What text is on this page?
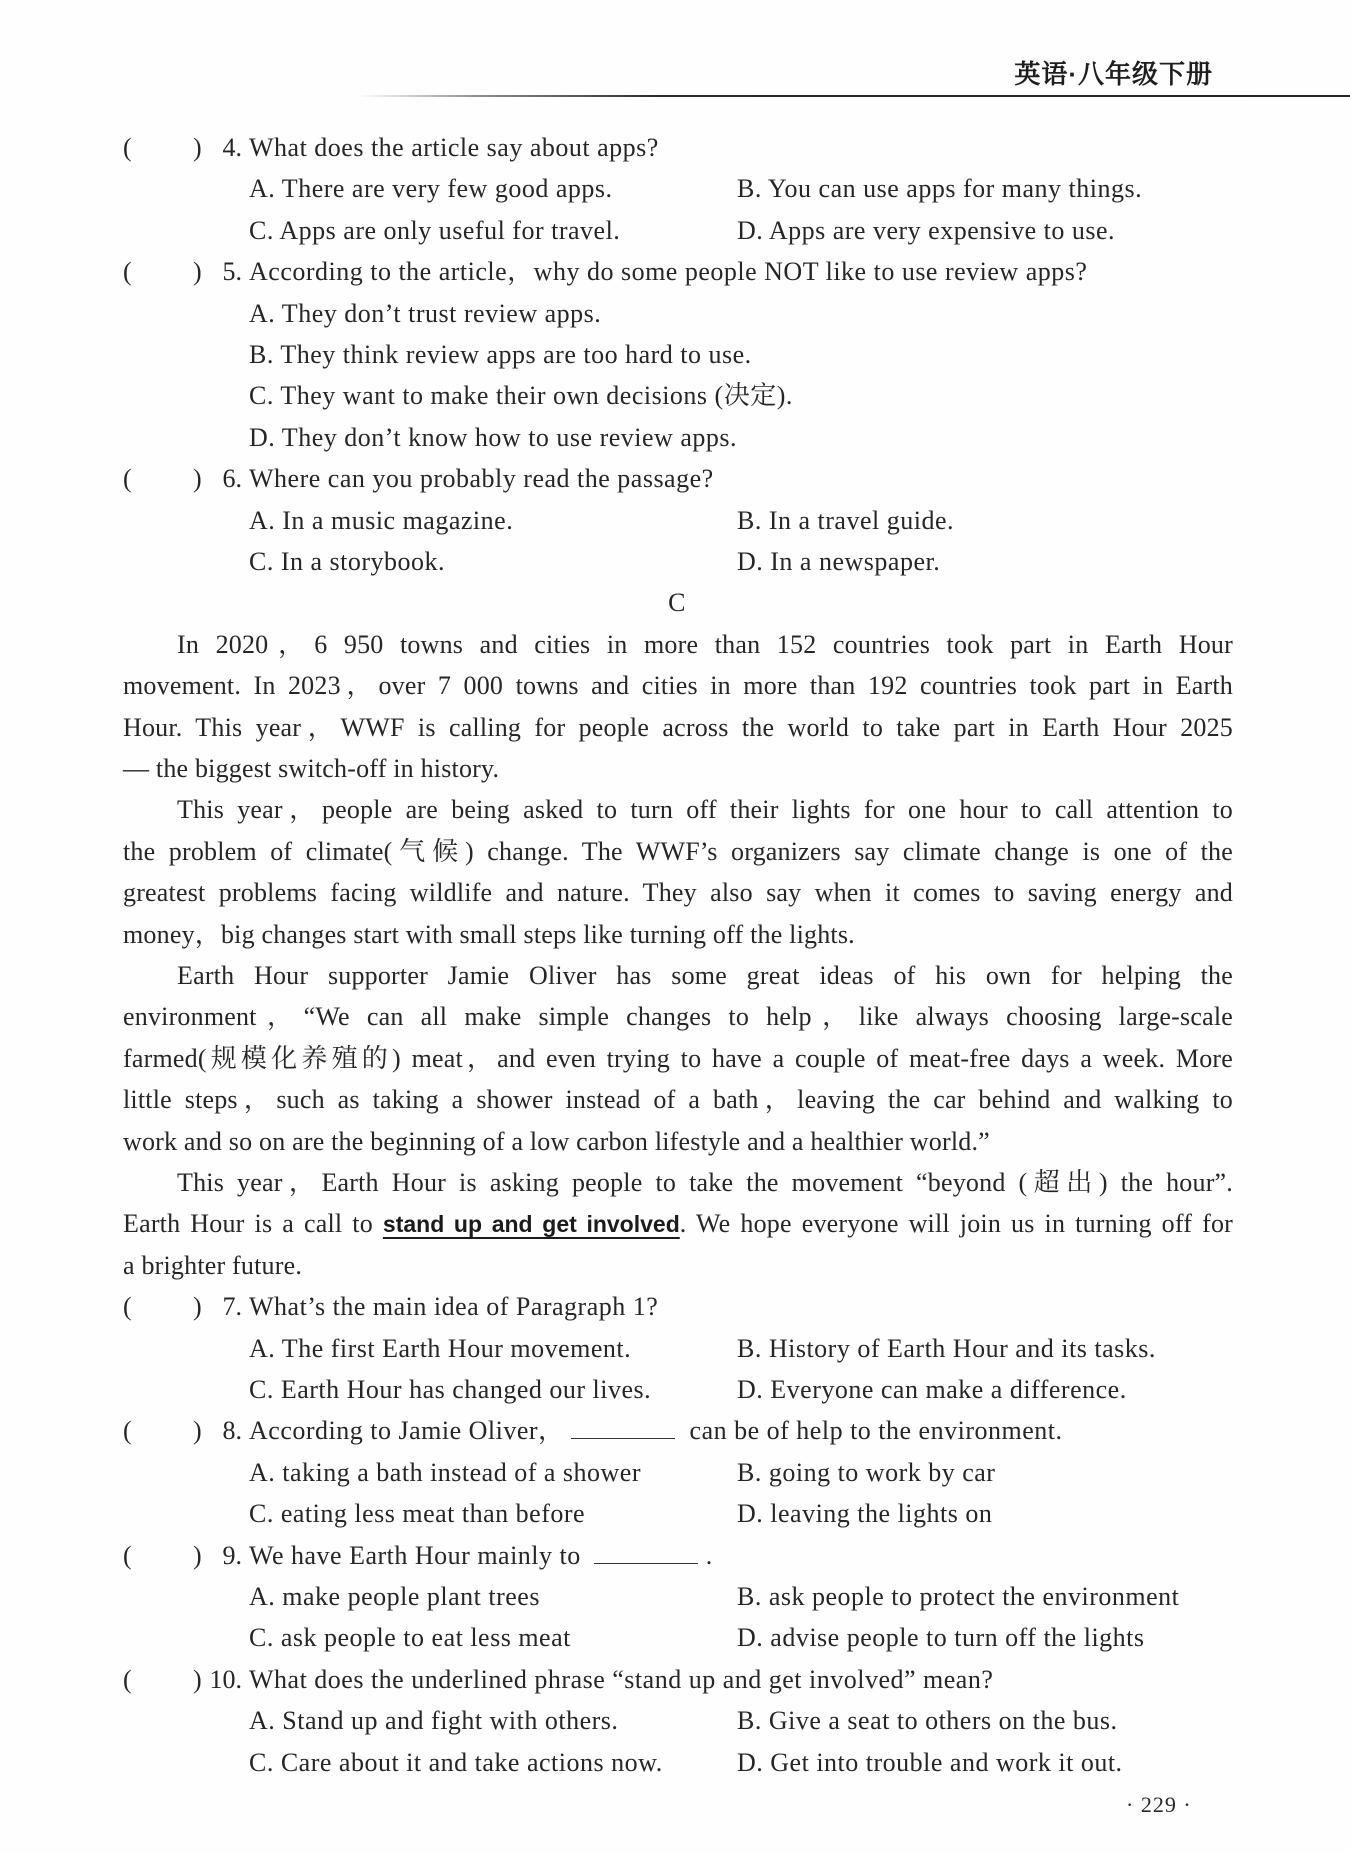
英语·八年级下册
( ) 4. What does the article say about apps?
A. There are very few good apps.	B. You can use apps for many things.
C. Apps are only useful for travel.	D. Apps are very expensive to use.
( ) 5. According to the article，why do some people NOT like to use review apps?
A. They don’t trust review apps.
B. They think review apps are too hard to use.
C. They want to make their own decisions (决定).
D. They don’t know how to use review apps.
( ) 6. Where can you probably read the passage?
A. In a music magazine.	B. In a travel guide.
C. In a storybook.	D. In a newspaper.
C
In 2020，6 950 towns and cities in more than 152 countries took part in Earth Hour
movement. In 2023，over 7 000 towns and cities in more than 192 countries took part in Earth
Hour. This year，WWF is calling for people across the world to take part in Earth Hour 2025
— the biggest switch-off in history.
This year，people are being asked to turn off their lights for one hour to call attention to
the problem of climate(气候) change. The WWF’s organizers say climate change is one of the
greatest problems facing wildlife and nature. They also say when it comes to saving energy and
money，big changes start with small steps like turning off the lights.
Earth Hour supporter Jamie Oliver has some great ideas of his own for helping the
environment，“We can all make simple changes to help，like always choosing large-scale
farmed(规模化养殖的) meat，and even trying to have a couple of meat-free days a week. More
little steps，such as taking a shower instead of a bath，leaving the car behind and walking to
work and so on are the beginning of a low carbon lifestyle and a healthier world.”
This year，Earth Hour is asking people to take the movement “beyond (超出) the hour”.
Earth Hour is a call to stand up and get involved. We hope everyone will join us in turning off for
a brighter future.
( ) 7. What’s the main idea of Paragraph 1?
A. The first Earth Hour movement.	B. History of Earth Hour and its tasks.
C. Earth Hour has changed our lives.	D. Everyone can make a difference.
( ) 8. According to Jamie Oliver，	can be of help to the environment.
A. taking a bath instead of a shower	B. going to work by car
C. eating less meat than before	D. leaving the lights on
( ) 9. We have Earth Hour mainly to	.
A. make people plant trees	B. ask people to protect the environment
C. ask people to eat less meat	D. advise people to turn off the lights
( ) 10. What does the underlined phrase “stand up and get involved” mean?
A. Stand up and fight with others.	B. Give a seat to others on the bus.
C. Care about it and take actions now.	D. Get into trouble and work it out.
· 229 ·
